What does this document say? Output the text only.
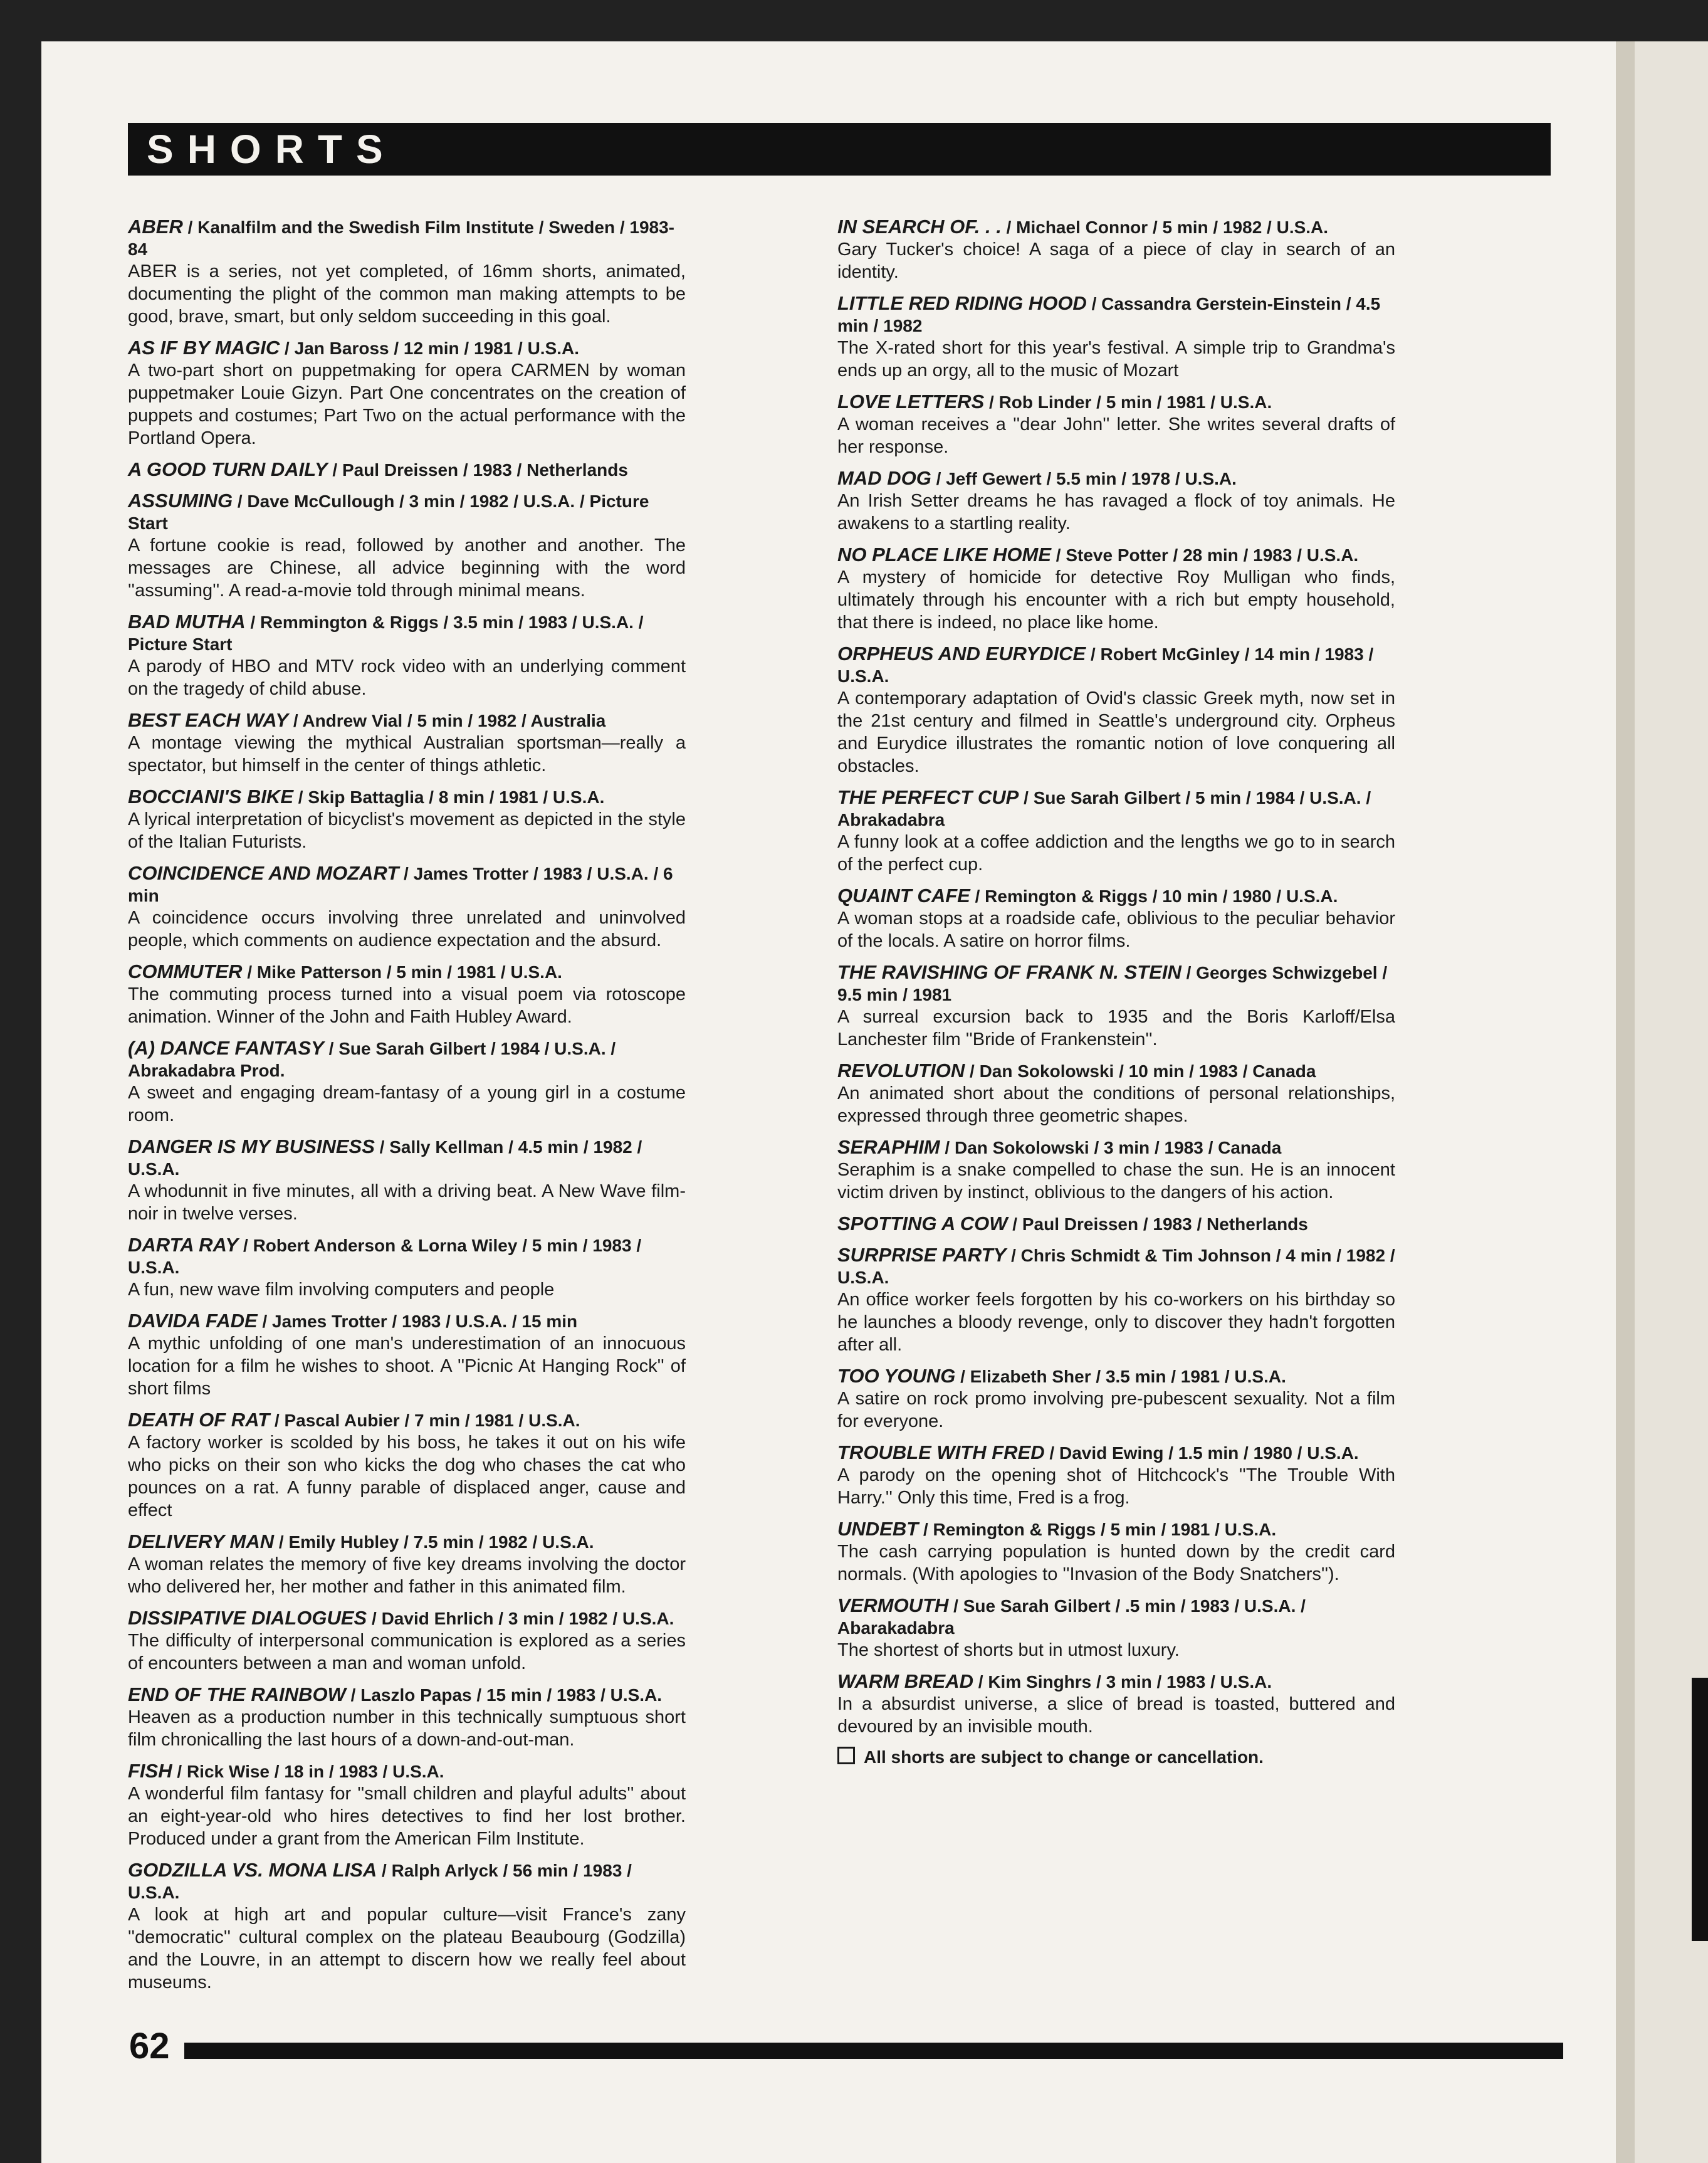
SHORTS
ABER / Kanalfilm and the Swedish Film Institute / Sweden / 1983-84
ABER is a series, not yet completed, of 16mm shorts, animated, documenting the plight of the common man making attempts to be good, brave, smart, but only seldom succeeding in this goal.
AS IF BY MAGIC / Jan Baross / 12 min / 1981 / U.S.A.
A two-part short on puppetmaking for opera CARMEN by woman puppetmaker Louie Gizyn. Part One concentrates on the creation of puppets and costumes; Part Two on the actual performance with the Portland Opera.
A GOOD TURN DAILY / Paul Dreissen / 1983 / Netherlands
ASSUMING / Dave McCullough / 3 min / 1982 / U.S.A. / Picture Start
A fortune cookie is read, followed by another and another. The messages are Chinese, all advice beginning with the word ''assuming''. A read-a-movie told through minimal means.
BAD MUTHA / Remmington & Riggs / 3.5 min / 1983 / U.S.A. / Picture Start
A parody of HBO and MTV rock video with an underlying comment on the tragedy of child abuse.
BEST EACH WAY / Andrew Vial / 5 min / 1982 / Australia
A montage viewing the mythical Australian sportsman—really a spectator, but himself in the center of things athletic.
BOCCIANI'S BIKE / Skip Battaglia / 8 min / 1981 / U.S.A.
A lyrical interpretation of bicyclist's movement as depicted in the style of the Italian Futurists.
COINCIDENCE AND MOZART / James Trotter / 1983 / U.S.A. / 6 min
A coincidence occurs involving three unrelated and uninvolved people, which comments on audience expectation and the absurd.
COMMUTER / Mike Patterson / 5 min / 1981 / U.S.A.
The commuting process turned into a visual poem via rotoscope animation. Winner of the John and Faith Hubley Award.
(A) DANCE FANTASY / Sue Sarah Gilbert / 1984 / U.S.A. / Abrakadabra Prod.
A sweet and engaging dream-fantasy of a young girl in a costume room.
DANGER IS MY BUSINESS / Sally Kellman / 4.5 min / 1982 / U.S.A.
A whodunnit in five minutes, all with a driving beat. A New Wave film-noir in twelve verses.
DARTA RAY / Robert Anderson & Lorna Wiley / 5 min / 1983 / U.S.A.
A fun, new wave film involving computers and people
DAVIDA FADE / James Trotter / 1983 / U.S.A. / 15 min
A mythic unfolding of one man's underestimation of an innocuous location for a film he wishes to shoot. A ''Picnic At Hanging Rock'' of short films
DEATH OF RAT / Pascal Aubier / 7 min / 1981 / U.S.A.
A factory worker is scolded by his boss, he takes it out on his wife who picks on their son who kicks the dog who chases the cat who pounces on a rat. A funny parable of displaced anger, cause and effect
DELIVERY MAN / Emily Hubley / 7.5 min / 1982 / U.S.A.
A woman relates the memory of five key dreams involving the doctor who delivered her, her mother and father in this animated film.
DISSIPATIVE DIALOGUES / David Ehrlich / 3 min / 1982 / U.S.A.
The difficulty of interpersonal communication is explored as a series of encounters between a man and woman unfold.
END OF THE RAINBOW / Laszlo Papas / 15 min / 1983 / U.S.A.
Heaven as a production number in this technically sumptuous short film chronicalling the last hours of a down-and-out-man.
FISH / Rick Wise / 18 in / 1983 / U.S.A.
A wonderful film fantasy for ''small children and playful adults'' about an eight-year-old who hires detectives to find her lost brother. Produced under a grant from the American Film Institute.
GODZILLA VS. MONA LISA / Ralph Arlyck / 56 min / 1983 / U.S.A.
A look at high art and popular culture—visit France's zany ''democratic'' cultural complex on the plateau Beaubourg (Godzilla) and the Louvre, in an attempt to discern how we really feel about museums.
IN SEARCH OF. . . / Michael Connor / 5 min / 1982 / U.S.A.
Gary Tucker's choice! A saga of a piece of clay in search of an identity.
LITTLE RED RIDING HOOD / Cassandra Gerstein-Einstein / 4.5 min / 1982
The X-rated short for this year's festival. A simple trip to Grandma's ends up an orgy, all to the music of Mozart
LOVE LETTERS / Rob Linder / 5 min / 1981 / U.S.A.
A woman receives a ''dear John'' letter. She writes several drafts of her response.
MAD DOG / Jeff Gewert / 5.5 min / 1978 / U.S.A.
An Irish Setter dreams he has ravaged a flock of toy animals. He awakens to a startling reality.
NO PLACE LIKE HOME / Steve Potter / 28 min / 1983 / U.S.A.
A mystery of homicide for detective Roy Mulligan who finds, ultimately through his encounter with a rich but empty household, that there is indeed, no place like home.
ORPHEUS AND EURYDICE / Robert McGinley / 14 min / 1983 / U.S.A.
A contemporary adaptation of Ovid's classic Greek myth, now set in the 21st century and filmed in Seattle's underground city. Orpheus and Eurydice illustrates the romantic notion of love conquering all obstacles.
THE PERFECT CUP / Sue Sarah Gilbert / 5 min / 1984 / U.S.A. / Abrakadabra
A funny look at a coffee addiction and the lengths we go to in search of the perfect cup.
QUAINT CAFE / Remington & Riggs / 10 min / 1980 / U.S.A.
A woman stops at a roadside cafe, oblivious to the peculiar behavior of the locals. A satire on horror films.
THE RAVISHING OF FRANK N. STEIN / Georges Schwizgebel / 9.5 min / 1981
A surreal excursion back to 1935 and the Boris Karloff/Elsa Lanchester film ''Bride of Frankenstein''.
REVOLUTION / Dan Sokolowski / 10 min / 1983 / Canada
An animated short about the conditions of personal relationships, expressed through three geometric shapes.
SERAPHIM / Dan Sokolowski / 3 min / 1983 / Canada
Seraphim is a snake compelled to chase the sun. He is an innocent victim driven by instinct, oblivious to the dangers of his action.
SPOTTING A COW / Paul Dreissen / 1983 / Netherlands
SURPRISE PARTY / Chris Schmidt & Tim Johnson / 4 min / 1982 / U.S.A.
An office worker feels forgotten by his co-workers on his birthday so he launches a bloody revenge, only to discover they hadn't forgotten after all.
TOO YOUNG / Elizabeth Sher / 3.5 min / 1981 / U.S.A.
A satire on rock promo involving pre-pubescent sexuality. Not a film for everyone.
TROUBLE WITH FRED / David Ewing / 1.5 min / 1980 / U.S.A.
A parody on the opening shot of Hitchcock's ''The Trouble With Harry.'' Only this time, Fred is a frog.
UNDEBT / Remington & Riggs / 5 min / 1981 / U.S.A.
The cash carrying population is hunted down by the credit card normals. (With apologies to ''Invasion of the Body Snatchers'').
VERMOUTH / Sue Sarah Gilbert / .5 min / 1983 / U.S.A. / Abarakadabra
The shortest of shorts but in utmost luxury.
WARM BREAD / Kim Singhrs / 3 min / 1983 / U.S.A.
In a absurdist universe, a slice of bread is toasted, buttered and devoured by an invisible mouth.
All shorts are subject to change or cancellation.
62
